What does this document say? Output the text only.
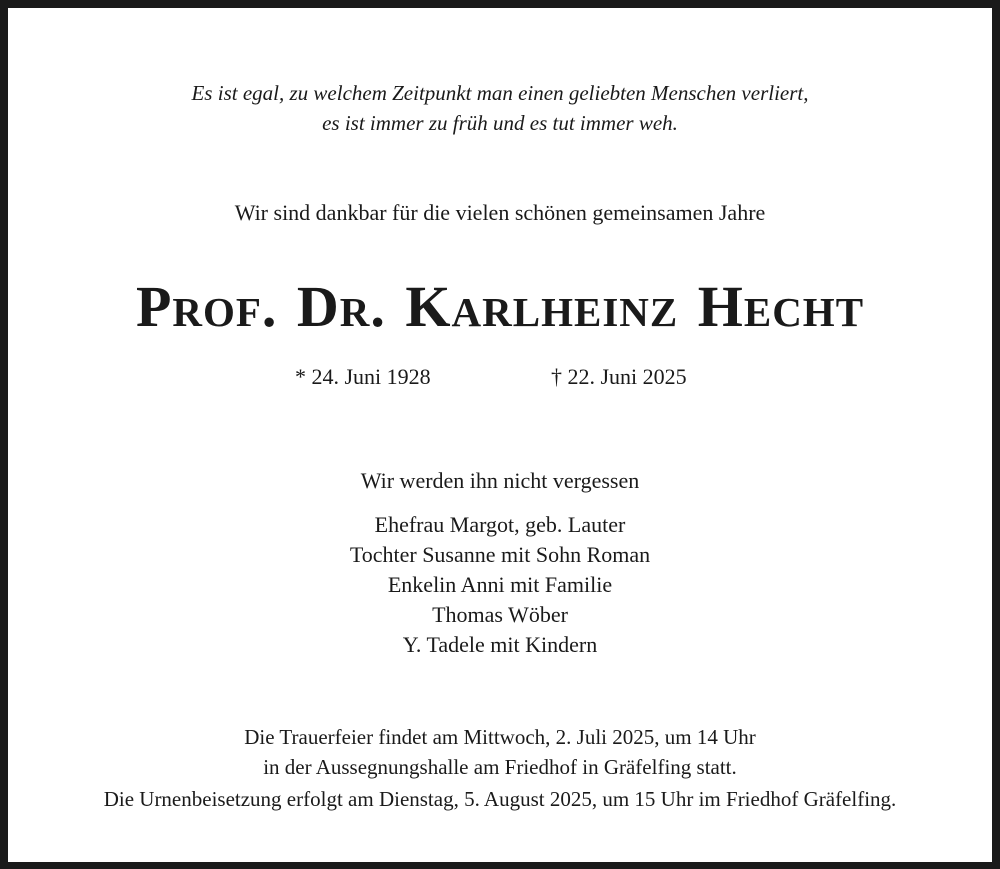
Es ist egal, zu welchem Zeitpunkt man einen geliebten Menschen verliert,
es ist immer zu früh und es tut immer weh.
Wir sind dankbar für die vielen schönen gemeinsamen Jahre
Prof. Dr. Karlheinz Hecht
* 24. Juni 1928	† 22. Juni 2025
Wir werden ihn nicht vergessen
Ehefrau Margot, geb. Lauter
Tochter Susanne mit Sohn Roman
Enkelin Anni mit Familie
Thomas Wöber
Y. Tadele mit Kindern
Die Trauerfeier findet am Mittwoch, 2. Juli 2025, um 14 Uhr
in der Aussegnungshalle am Friedhof in Gräfelfing statt.
Die Urnenbeisetzung erfolgt am Dienstag, 5. August 2025, um 15 Uhr im Friedhof Gräfelfing.
